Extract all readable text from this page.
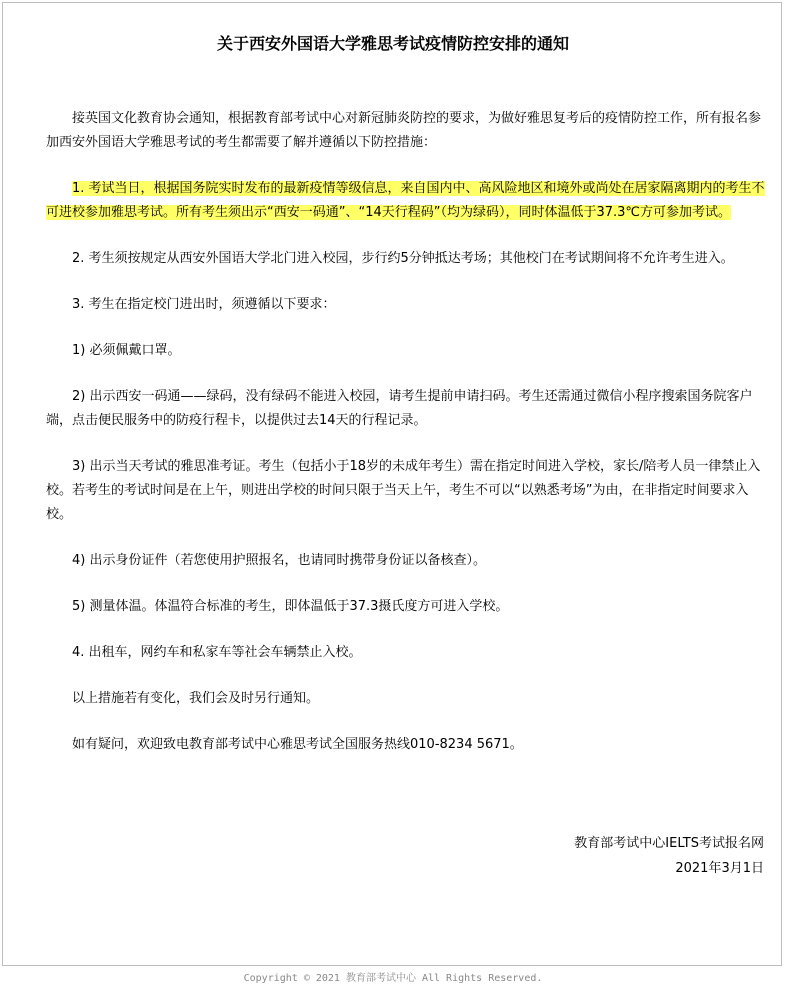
关于西安外国语大学雅思考试疫情防控安排的通知

接英国文化教育协会通知，根据教育部考试中心对新冠肺炎防控的要求，为做好雅思复考后的疫情防控工作，所有报名参加西安外国语大学雅思考试的考生都需要了解并遵循以下防控措施：

1. 考试当日，根据国务院实时发布的最新疫情等级信息，来自国内中、高风险地区和境外或尚处在居家隔离期内的考生不可进校参加雅思考试。所有考生须出示“西安一码通”、“14天行程码”（均为绿码），同时体温低于37.3℃方可参加考试。

2. 考生须按规定从西安外国语大学北门进入校园，步行约5分钟抵达考场；其他校门在考试期间将不允许考生进入。

3. 考生在指定校门进出时，须遵循以下要求：

1) 必须佩戴口罩。

2) 出示西安一码通——绿码，没有绿码不能进入校园，请考生提前申请扫码。考生还需通过微信小程序搜索国务院客户端，点击便民服务中的防疫行程卡，以提供过去14天的行程记录。

3) 出示当天考试的雅思准考证。考生（包括小于18岁的未成年考生）需在指定时间进入学校，家长/陪考人员一律禁止入校。若考生的考试时间是在上午，则进出学校的时间只限于当天上午，考生不可以“以熟悉考场”为由，在非指定时间要求入校。

4) 出示身份证件（若您使用护照报名，也请同时携带身份证以备核查）。

5) 测量体温。体温符合标准的考生，即体温低于37.3摄氏度方可进入学校。

4. 出租车，网约车和私家车等社会车辆禁止入校。

以上措施若有变化，我们会及时另行通知。

如有疑问，欢迎致电教育部考试中心雅思考试全国服务热线010-8234 5671。

教育部考试中心IELTS考试报名网
2021年3月1日
Copyright © 2021 教育部考试中心 All Rights Reserved.
